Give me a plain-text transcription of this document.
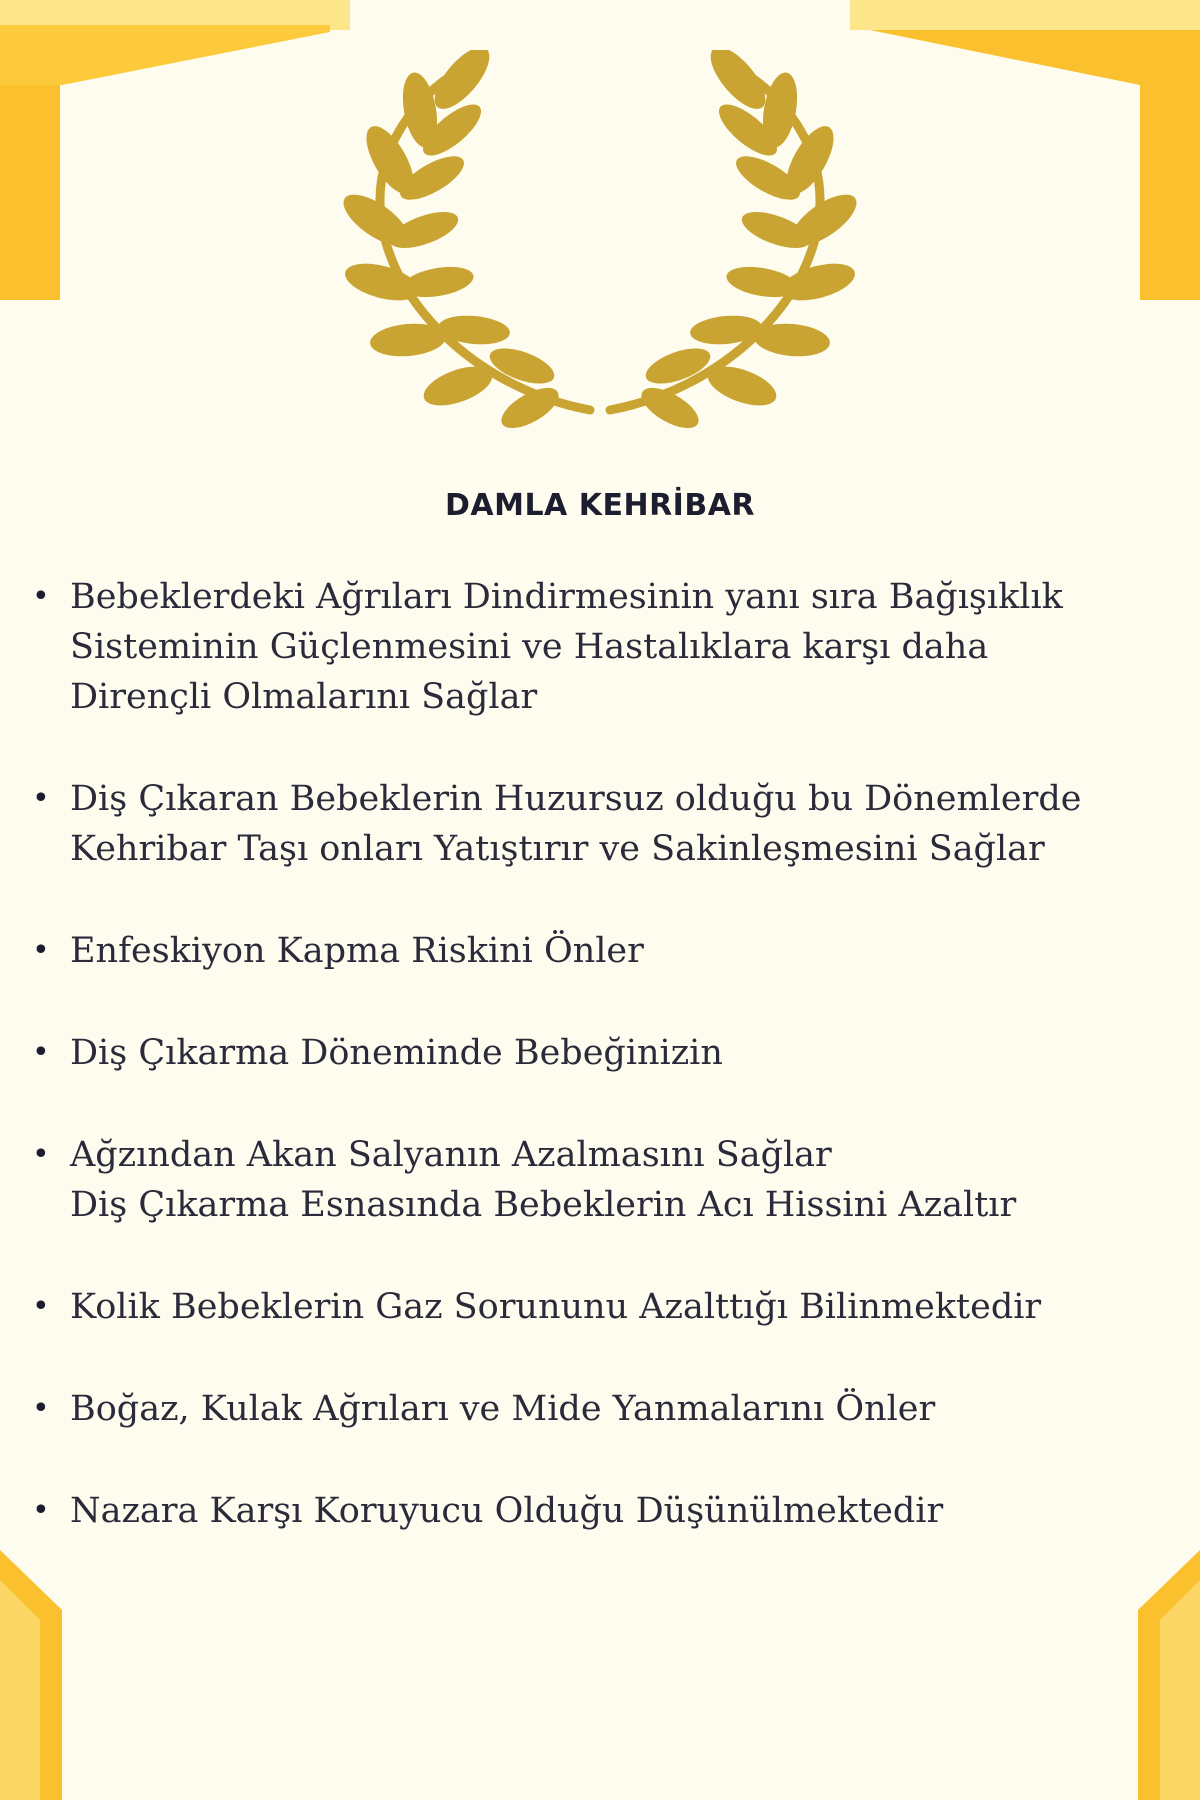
DAMLA KEHRİBAR
• Bebeklerdeki Ağrıları Dindirmesinin yanı sıra Bağışıklık
Sisteminin Güçlenmesini ve Hastalıklara karşı daha
Dirençli Olmalarını Sağlar
• Diş Çıkaran Bebeklerin Huzursuz olduğu bu Dönemlerde
Kehribar Taşı onları Yatıştırır ve Sakinleşmesini Sağlar
• Enfeskiyon Kapma Riskini Önler
• Diş Çıkarma Döneminde Bebeğinizin
• Ağzından Akan Salyanın Azalmasını Sağlar
Diş Çıkarma Esnasında Bebeklerin Acı Hissini Azaltır
• Kolik Bebeklerin Gaz Sorununu Azalttığı Bilinmektedir
• Boğaz, Kulak Ağrıları ve Mide Yanmalarını Önler
• Nazara Karşı Koruyucu Olduğu Düşünülmektedir
